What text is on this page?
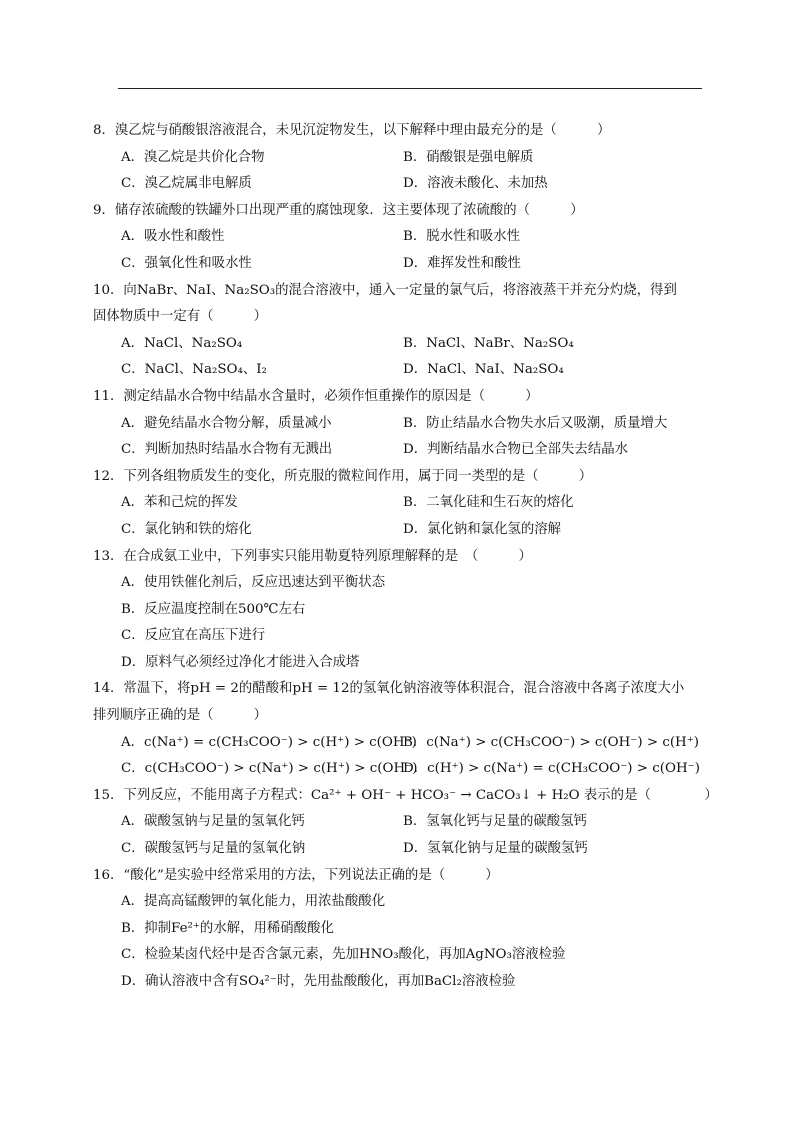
8．溴乙烷与硝酸银溶液混合，未见沉淀物发生，以下解释中理由最充分的是（　　　）
A．溴乙烷是共价化合物	B．硝酸银是强电解质
C．溴乙烷属非电解质	D．溶液未酸化、未加热
9．储存浓硫酸的铁罐外口出现严重的腐蚀现象．这主要体现了浓硫酸的（　　　）
A．吸水性和酸性	B．脱水性和吸水性
C．强氧化性和吸水性	D．难挥发性和酸性
10．向NaBr、NaI、Na₂SO₃的混合溶液中，通入一定量的氯气后，将溶液蒸干并充分灼烧，得到
固体物质中一定有（　　　）
A．NaCl、Na₂SO₄	B．NaCl、NaBr、Na₂SO₄
C．NaCl、Na₂SO₄、I₂	D．NaCl、NaI、Na₂SO₄
11．测定结晶水合物中结晶水含量时，必须作恒重操作的原因是（　　　）
A．避免结晶水合物分解，质量减小	B．防止结晶水合物失水后又吸潮，质量增大
C．判断加热时结晶水合物有无溅出	D．判断结晶水合物已全部失去结晶水
12．下列各组物质发生的变化，所克服的微粒间作用，属于同一类型的是（　　　）
A．苯和己烷的挥发	B．二氧化硅和生石灰的熔化
C．氯化钠和铁的熔化	D．氯化钠和氯化氢的溶解
13．在合成氨工业中，下列事实只能用勒夏特列原理解释的是　（　　　）
A．使用铁催化剂后，反应迅速达到平衡状态
B．反应温度控制在500℃左右
C．反应宜在高压下进行
D．原料气必须经过净化才能进入合成塔
14．常温下，将pH = 2的醋酸和pH = 12的氢氧化钠溶液等体积混合，混合溶液中各离子浓度大小
排列顺序正确的是（　　　）
A．c(Na⁺) = c(CH₃COO⁻) > c(H⁺) > c(OH⁻)
B．c(Na⁺) > c(CH₃COO⁻) > c(OH⁻) > c(H⁺)
C．c(CH₃COO⁻) > c(Na⁺) > c(H⁺) > c(OH⁻)
D．c(H⁺) > c(Na⁺) = c(CH₃COO⁻) > c(OH⁻)
15．下列反应，不能用离子方程式：Ca²⁺ + OH⁻ + HCO₃⁻ → CaCO₃↓ + H₂O 表示的是（　　　　）
A．碳酸氢钠与足量的氢氧化钙	B．氢氧化钙与足量的碳酸氢钙
C．碳酸氢钙与足量的氢氧化钠	D．氢氧化钠与足量的碳酸氢钙
16．“酸化”是实验中经常采用的方法，下列说法正确的是（　　　）
A．提高高锰酸钾的氧化能力，用浓盐酸酸化
B．抑制Fe²⁺的水解，用稀硝酸酸化
C．检验某卤代烃中是否含氯元素，先加HNO₃酸化，再加AgNO₃溶液检验
D．确认溶液中含有SO₄²⁻时，先用盐酸酸化，再加BaCl₂溶液检验
